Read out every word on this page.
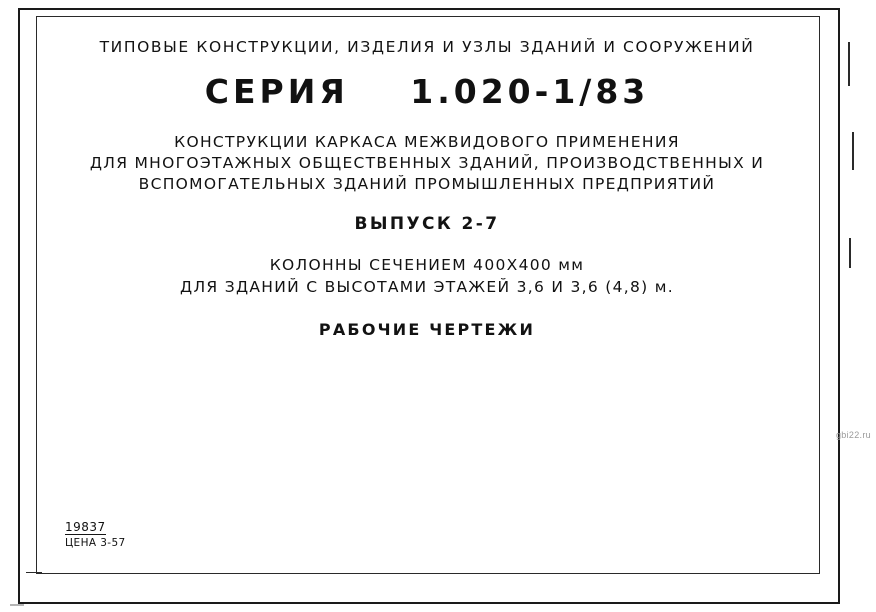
ТИПОВЫЕ КОНСТРУКЦИИ, ИЗДЕЛИЯ И УЗЛЫ ЗДАНИЙ И СООРУЖЕНИЙ
СЕРИЯ 1.020-1/83
КОНСТРУКЦИИ КАРКАСА МЕЖВИДОВОГО ПРИМЕНЕНИЯ
ДЛЯ МНОГОЭТАЖНЫХ ОБЩЕСТВЕННЫХ ЗДАНИЙ, ПРОИЗВОДСТВЕННЫХ И
ВСПОМОГАТЕЛЬНЫХ ЗДАНИЙ ПРОМЫШЛЕННЫХ ПРЕДПРИЯТИЙ
ВЫПУСК 2-7
КОЛОННЫ СЕЧЕНИЕМ 400Х400 мм
ДЛЯ ЗДАНИЙ С ВЫСОТАМИ ЭТАЖЕЙ 3,6 И 3,6 (4,8) м.
РАБОЧИЕ ЧЕРТЕЖИ
19837
ЦЕНА 3-57
gbi22.ru
